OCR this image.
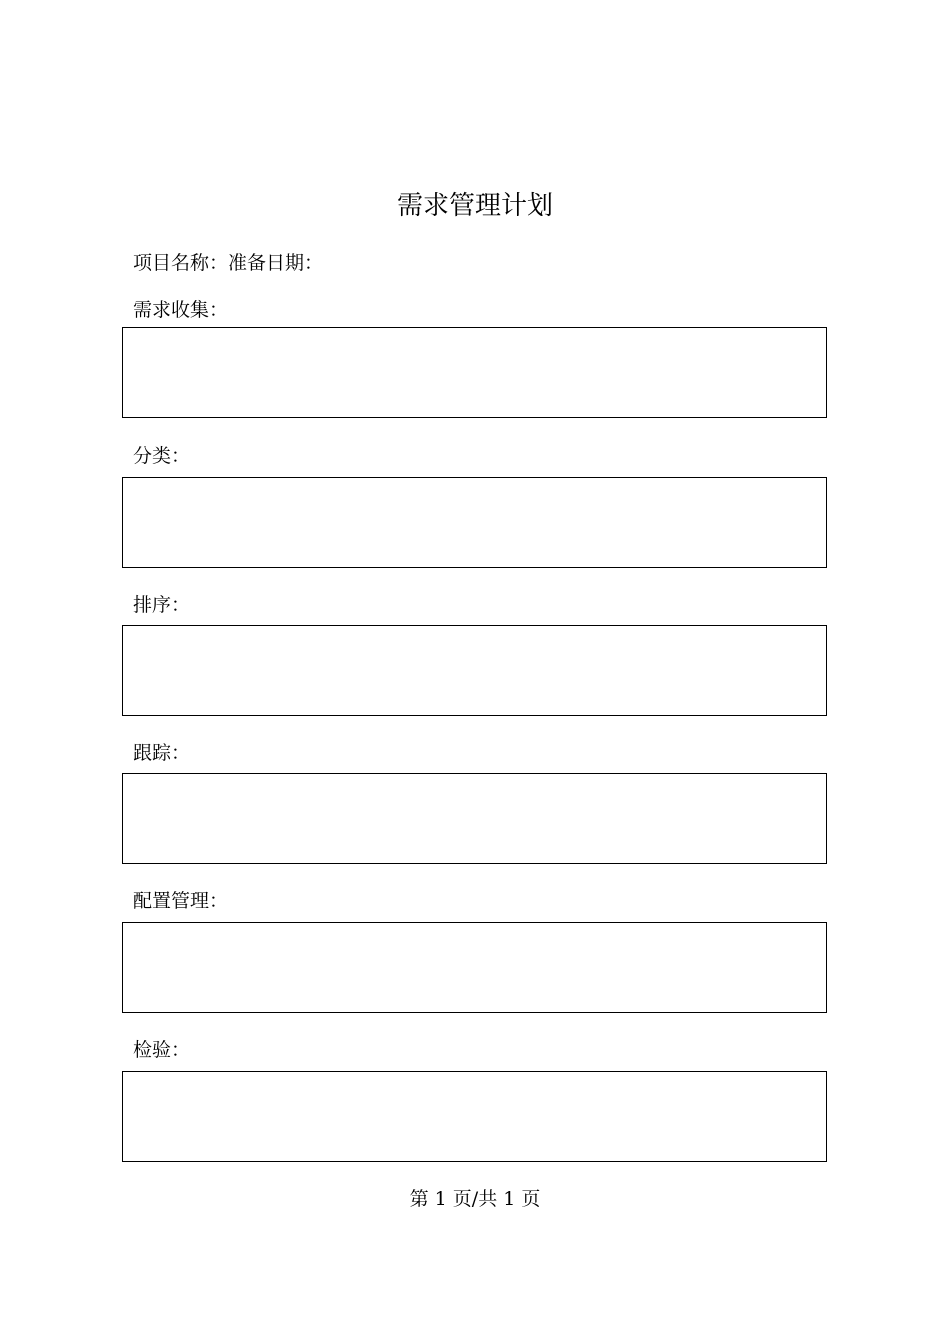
需求管理计划
项目名称：准备日期：
需求收集：
分类：
排序：
跟踪：
配置管理：
检验：
第 1 页/共 1 页
